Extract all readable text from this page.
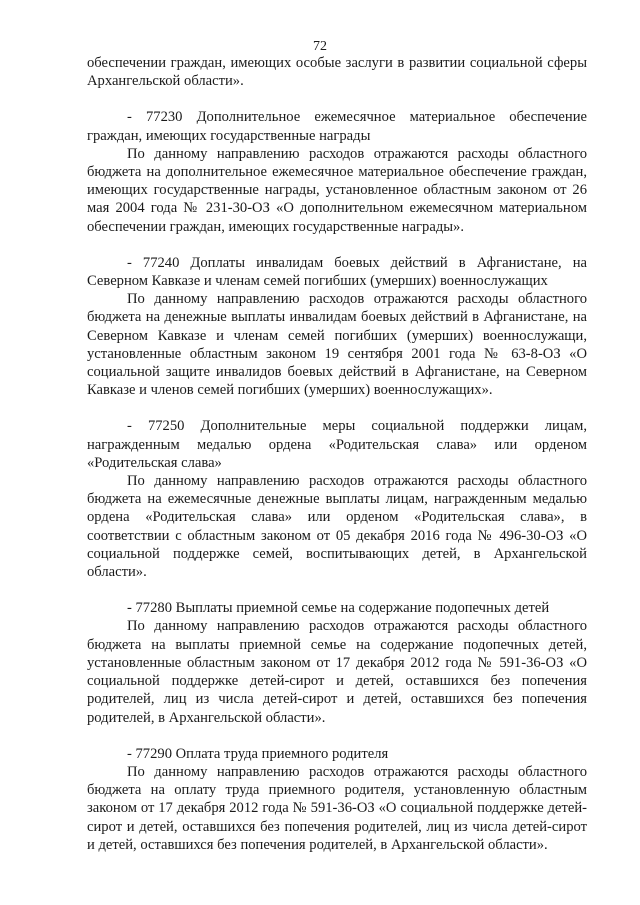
72

обеспечении граждан, имеющих особые заслуги в развитии социальной сферы Архангельской области».

- 77230 Дополнительное ежемесячное материальное обеспечение граждан, имеющих государственные награды

По данному направлению расходов отражаются расходы областного бюджета на дополнительное ежемесячное материальное обеспечение граждан, имеющих государственные награды, установленное областным законом от 26 мая 2004 года № 231-30-ОЗ «О дополнительном ежемесячном материальном обеспечении граждан, имеющих государственные награды».

- 77240 Доплаты инвалидам боевых действий в Афганистане, на Северном Кавказе и членам семей погибших (умерших) военнослужащих

По данному направлению расходов отражаются расходы областного бюджета на денежные выплаты инвалидам боевых действий в Афганистане, на Северном Кавказе и членам семей погибших (умерших) военнослужащи, установленные областным законом 19 сентября 2001 года № 63-8-ОЗ «О социальной защите инвалидов боевых действий в Афганистане, на Северном Кавказе и членов семей погибших (умерших) военнослужащих».

- 77250 Дополнительные меры социальной поддержки лицам, награжденным медалью ордена «Родительская слава» или орденом «Родительская слава»

По данному направлению расходов отражаются расходы областного бюджета на ежемесячные денежные выплаты лицам, награжденным медалью ордена «Родительская слава» или орденом «Родительская слава», в соответствии с областным законом от 05 декабря 2016 года № 496-30-ОЗ «О социальной поддержке семей, воспитывающих детей, в Архангельской области».

- 77280 Выплаты приемной семье на содержание подопечных детей

По данному направлению расходов отражаются расходы областного бюджета на выплаты приемной семье на содержание подопечных детей, установленные областным законом от 17 декабря 2012 года № 591-36-ОЗ «О социальной поддержке детей-сирот и детей, оставшихся без попечения родителей, лиц из числа детей-сирот и детей, оставшихся без попечения родителей, в Архангельской области».

- 77290 Оплата труда приемного родителя

По данному направлению расходов отражаются расходы областного бюджета на оплату труда приемного родителя, установленную областным законом от 17 декабря 2012 года № 591-36-ОЗ «О социальной поддержке детей-сирот и детей, оставшихся без попечения родителей, лиц из числа детей-сирот и детей, оставшихся без попечения родителей, в Архангельской области».
